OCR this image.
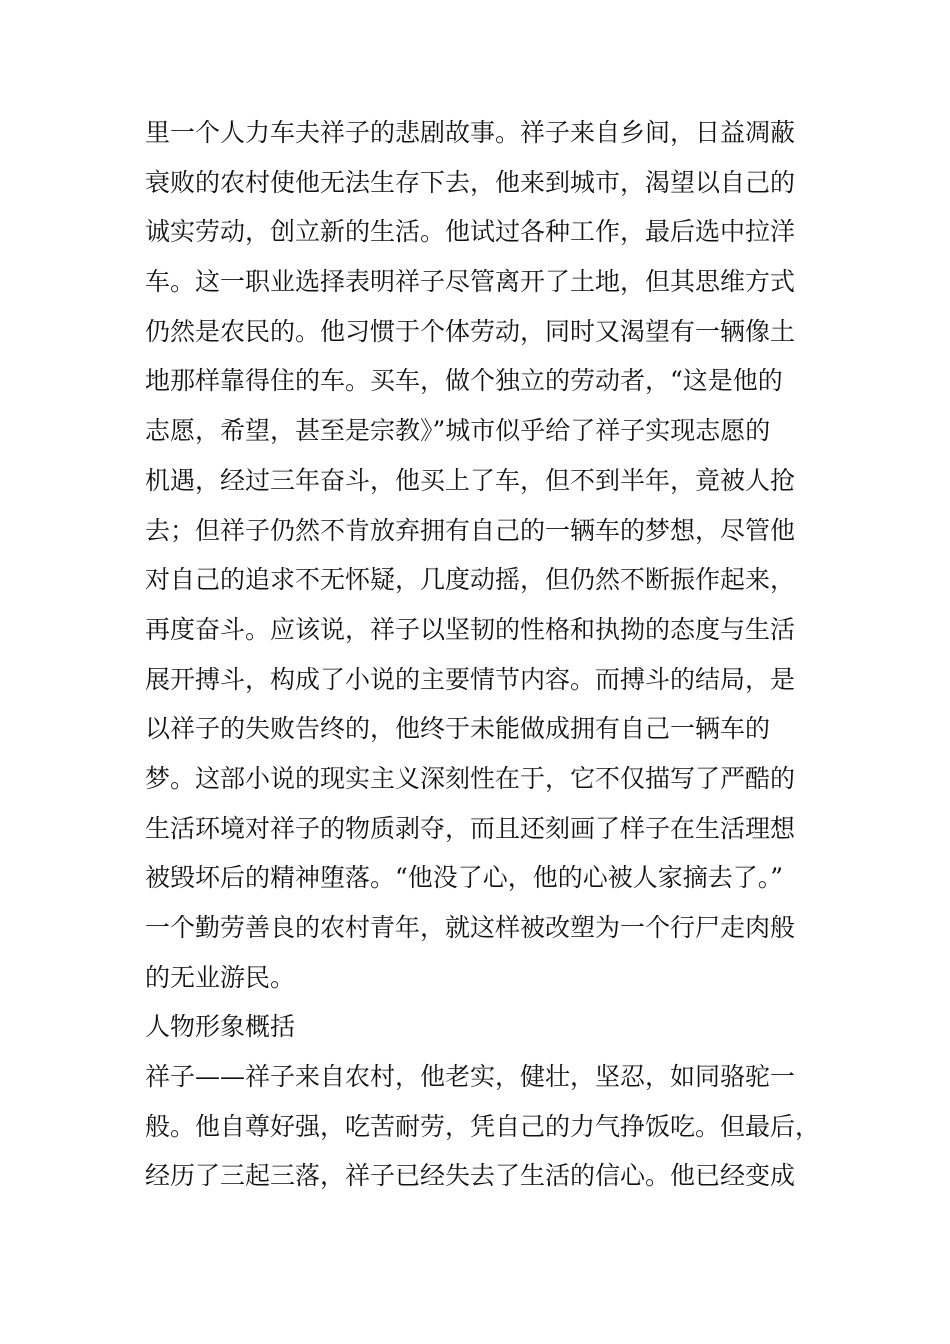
里一个人力车夫祥子的悲剧故事。祥子来自乡间，日益凋蔽
衰败的农村使他无法生存下去，他来到城市，渴望以自己的
诚实劳动，创立新的生活。他试过各种工作，最后选中拉洋
车。这一职业选择表明祥子尽管离开了土地，但其思维方式
仍然是农民的。他习惯于个体劳动，同时又渴望有一辆像土
地那样靠得住的车。买车，做个独立的劳动者，“这是他的
志愿，希望，甚至是宗教》”城市似乎给了祥子实现志愿的
机遇，经过三年奋斗，他买上了车，但不到半年，竟被人抢
去；但祥子仍然不肯放弃拥有自己的一辆车的梦想，尽管他
对自己的追求不无怀疑，几度动摇，但仍然不断振作起来，
再度奋斗。应该说，祥子以坚韧的性格和执拗的态度与生活
展开搏斗，构成了小说的主要情节内容。而搏斗的结局，是
以祥子的失败告终的，他终于未能做成拥有自己一辆车的
梦。这部小说的现实主义深刻性在于，它不仅描写了严酷的
生活环境对祥子的物质剥夺，而且还刻画了样子在生活理想
被毁坏后的精神堕落。“他没了心，他的心被人家摘去了。”
一个勤劳善良的农村青年，就这样被改塑为一个行尸走肉般
的无业游民。
人物形象概括
祥子——祥子来自农村，他老实，健壮，坚忍，如同骆驼一
般。他自尊好强，吃苦耐劳，凭自己的力气挣饭吃。但最后，
经历了三起三落，祥子已经失去了生活的信心。他已经变成
